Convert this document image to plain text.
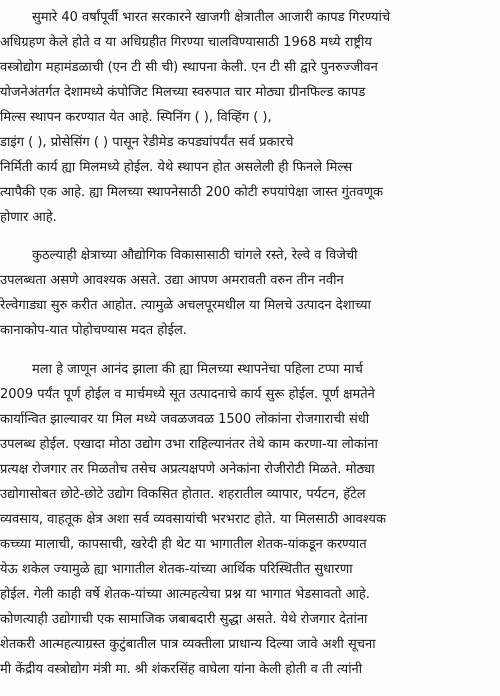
सुमारे 40 वर्षांपूर्वी भारत सरकारने खाजगी क्षेत्रातील आजारी कापड गिरण्यांचे
अधिग्रहण केले होते व या अधिग्रहीत गिरण्या चालविण्यासाठी 1968 मध्ये राष्ट्रीय
वस्त्रोद्योग महामंडळाची (एन टी सी ची) स्थापना केली. एन टी सी द्वारे पुनरुज्जीवन
योजनेअंतर्गत देशामध्ये कंपोजिट मिलच्या स्वरुपात चार मोठ्या ग्रीनफिल्ड कापड
मिल्स स्थापन करण्यात येत आहे. स्पिनिंग ( ), विव्हिंग ( ),
डाइंग ( ), प्रोसेसिंग ( ) पासून रेडीमेड कपड्यांपर्यंत सर्व प्रकारचे
निर्मिती कार्य ह्या मिलमध्ये होईल. येथे स्थापन होत असलेली ही फिनले मिल्स
त्यापैकी एक आहे. ह्या मिलच्या स्थापनेसाठी 200 कोटी रुपयांपेक्षा जास्त गुंतवणूक
होणार आहे.
कुठल्याही क्षेत्राच्या औद्योगिक विकासासाठी चांगले रस्ते, रेल्वे व विजेची
उपलब्धता असणे आवश्यक असते. उद्या आपण अमरावती वरुन तीन नवीन
रेल्वेगाड्या सुरु करीत आहोत. त्यामुळे अचलपूरमधील या मिलचे उत्पादन देशाच्या
कानाकोप-यात पोहोचण्यास मदत होईल.
मला हे जाणून आनंद झाला की ह्या मिलच्या स्थापनेचा पहिला टप्पा मार्च
2009 पर्यंत पूर्ण होईल व मार्चमध्ये सूत उत्पादनाचे कार्य सुरू होईल. पूर्ण क्षमतेने
कार्यान्वित झाल्यावर या मिल मध्ये जवळजवळ 1500 लोकांना रोजगाराची संधी
उपलब्ध होईल. एखादा मोठा उद्योग उभा राहिल्यानंतर तेथे काम करणा-या लोकांना
प्रत्यक्ष रोजगार तर मिळतोच तसेच अप्रत्यक्षपणे अनेकांना रोजीरोटी मिळते. मोठ्या
उद्योगासोबत छोटे-छोटे उद्योग विकसित होतात. शहरातील व्यापार, पर्यटन, हॅटेल
व्यवसाय, वाहतूक क्षेत्र अशा सर्व व्यवसायांची भरभराट होते. या मिलसाठी आवश्यक
कच्च्या मालाची, कापसाची, खरेदी ही थेट या भागातील शेतक-यांकडून करण्यात
येऊ शकेल ज्यामुळे ह्या भागातील शेतक-यांच्या आर्थिक परिस्थितीत सुधारणा
होईल. गेली काही वर्षे शेतक-यांच्या आत्महत्येचा प्रश्न या भागात भेडसावतो आहे.
कोणत्याही उद्योगाची एक सामाजिक जबाबदारी सुद्धा असते. येथे रोजगार देतांना
शेतकरी आत्महत्याग्रस्त कुटुंबातील पात्र व्यक्तीला प्राधान्य दिल्या जावे अशी सूचना
मी केंद्रीय वस्त्रोद्योग मंत्री मा. श्री शंकरसिंह वाघेला यांना केली होती व ती त्यांनी
